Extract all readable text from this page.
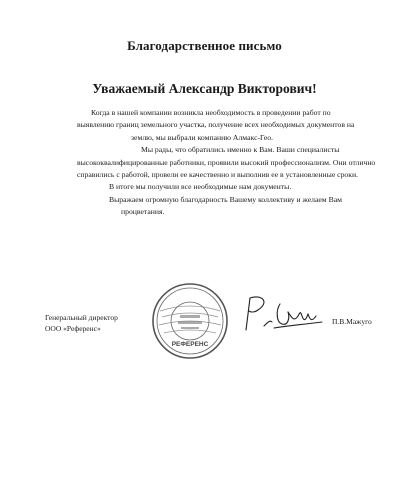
Благодарственное письмо
Уважаемый Александр Викторович!

Когда в нашей компании возникла необходимость в проведении работ по

выявлению границ земельного участка, получение всех необходимых документов на

землю, мы выбрали компанию Алмакс-Гео.

Мы рады, что обратились именно к Вам. Ваши специалисты

высококвалифицированные работники, проявили высокий профессионализм. Они отлично

справились с работой, провели ее качественно и выполнив ее в установленные сроки.

В итоге мы получили все необходимые нам документы.

Выражаем огромную благодарность Вашему коллективу и желаем Вам

процветания.

Генеральный директор
ООО «Референс»
РЕФЕРЕНС
П.В.Мажуго
